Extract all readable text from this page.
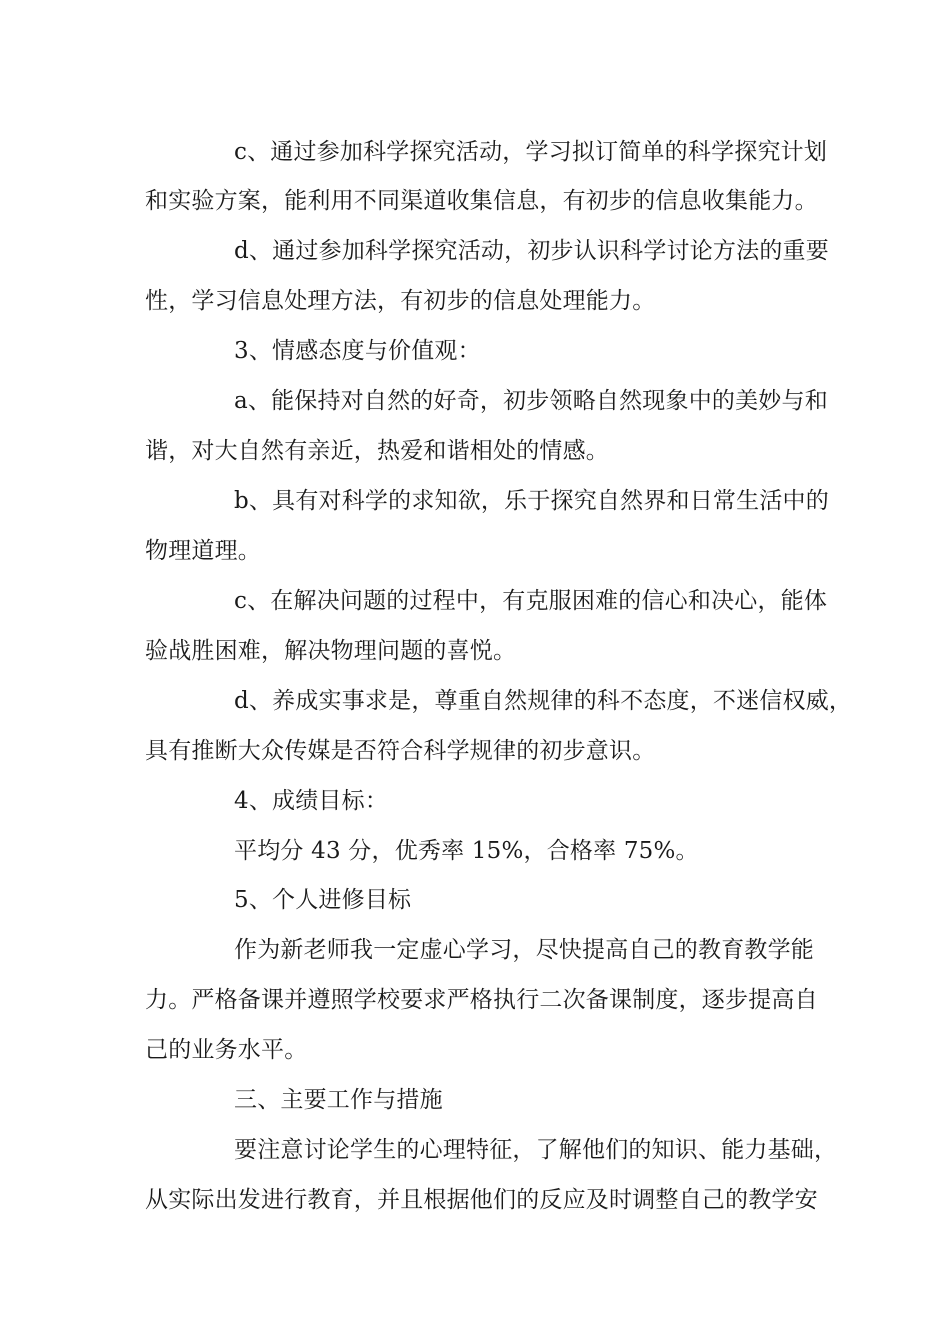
c、通过参加科学探究活动，学习拟订简单的科学探究计划
和实验方案，能利用不同渠道收集信息，有初步的信息收集能力。
d、通过参加科学探究活动，初步认识科学讨论方法的重要
性，学习信息处理方法，有初步的信息处理能力。
3、情感态度与价值观：
a、能保持对自然的好奇，初步领略自然现象中的美妙与和
谐，对大自然有亲近，热爱和谐相处的情感。
b、具有对科学的求知欲，乐于探究自然界和日常生活中的
物理道理。
c、在解决问题的过程中，有克服困难的信心和决心，能体
验战胜困难，解决物理问题的喜悦。
d、养成实事求是，尊重自然规律的科不态度，不迷信权威，
具有推断大众传媒是否符合科学规律的初步意识。
4、成绩目标：
平均分 43 分，优秀率 15%，合格率 75%。
5、个人进修目标
作为新老师我一定虚心学习，尽快提高自己的教育教学能
力。严格备课并遵照学校要求严格执行二次备课制度，逐步提高自
己的业务水平。
三、主要工作与措施
要注意讨论学生的心理特征，了解他们的知识、能力基础，
从实际出发进行教育，并且根据他们的反应及时调整自己的教学安
